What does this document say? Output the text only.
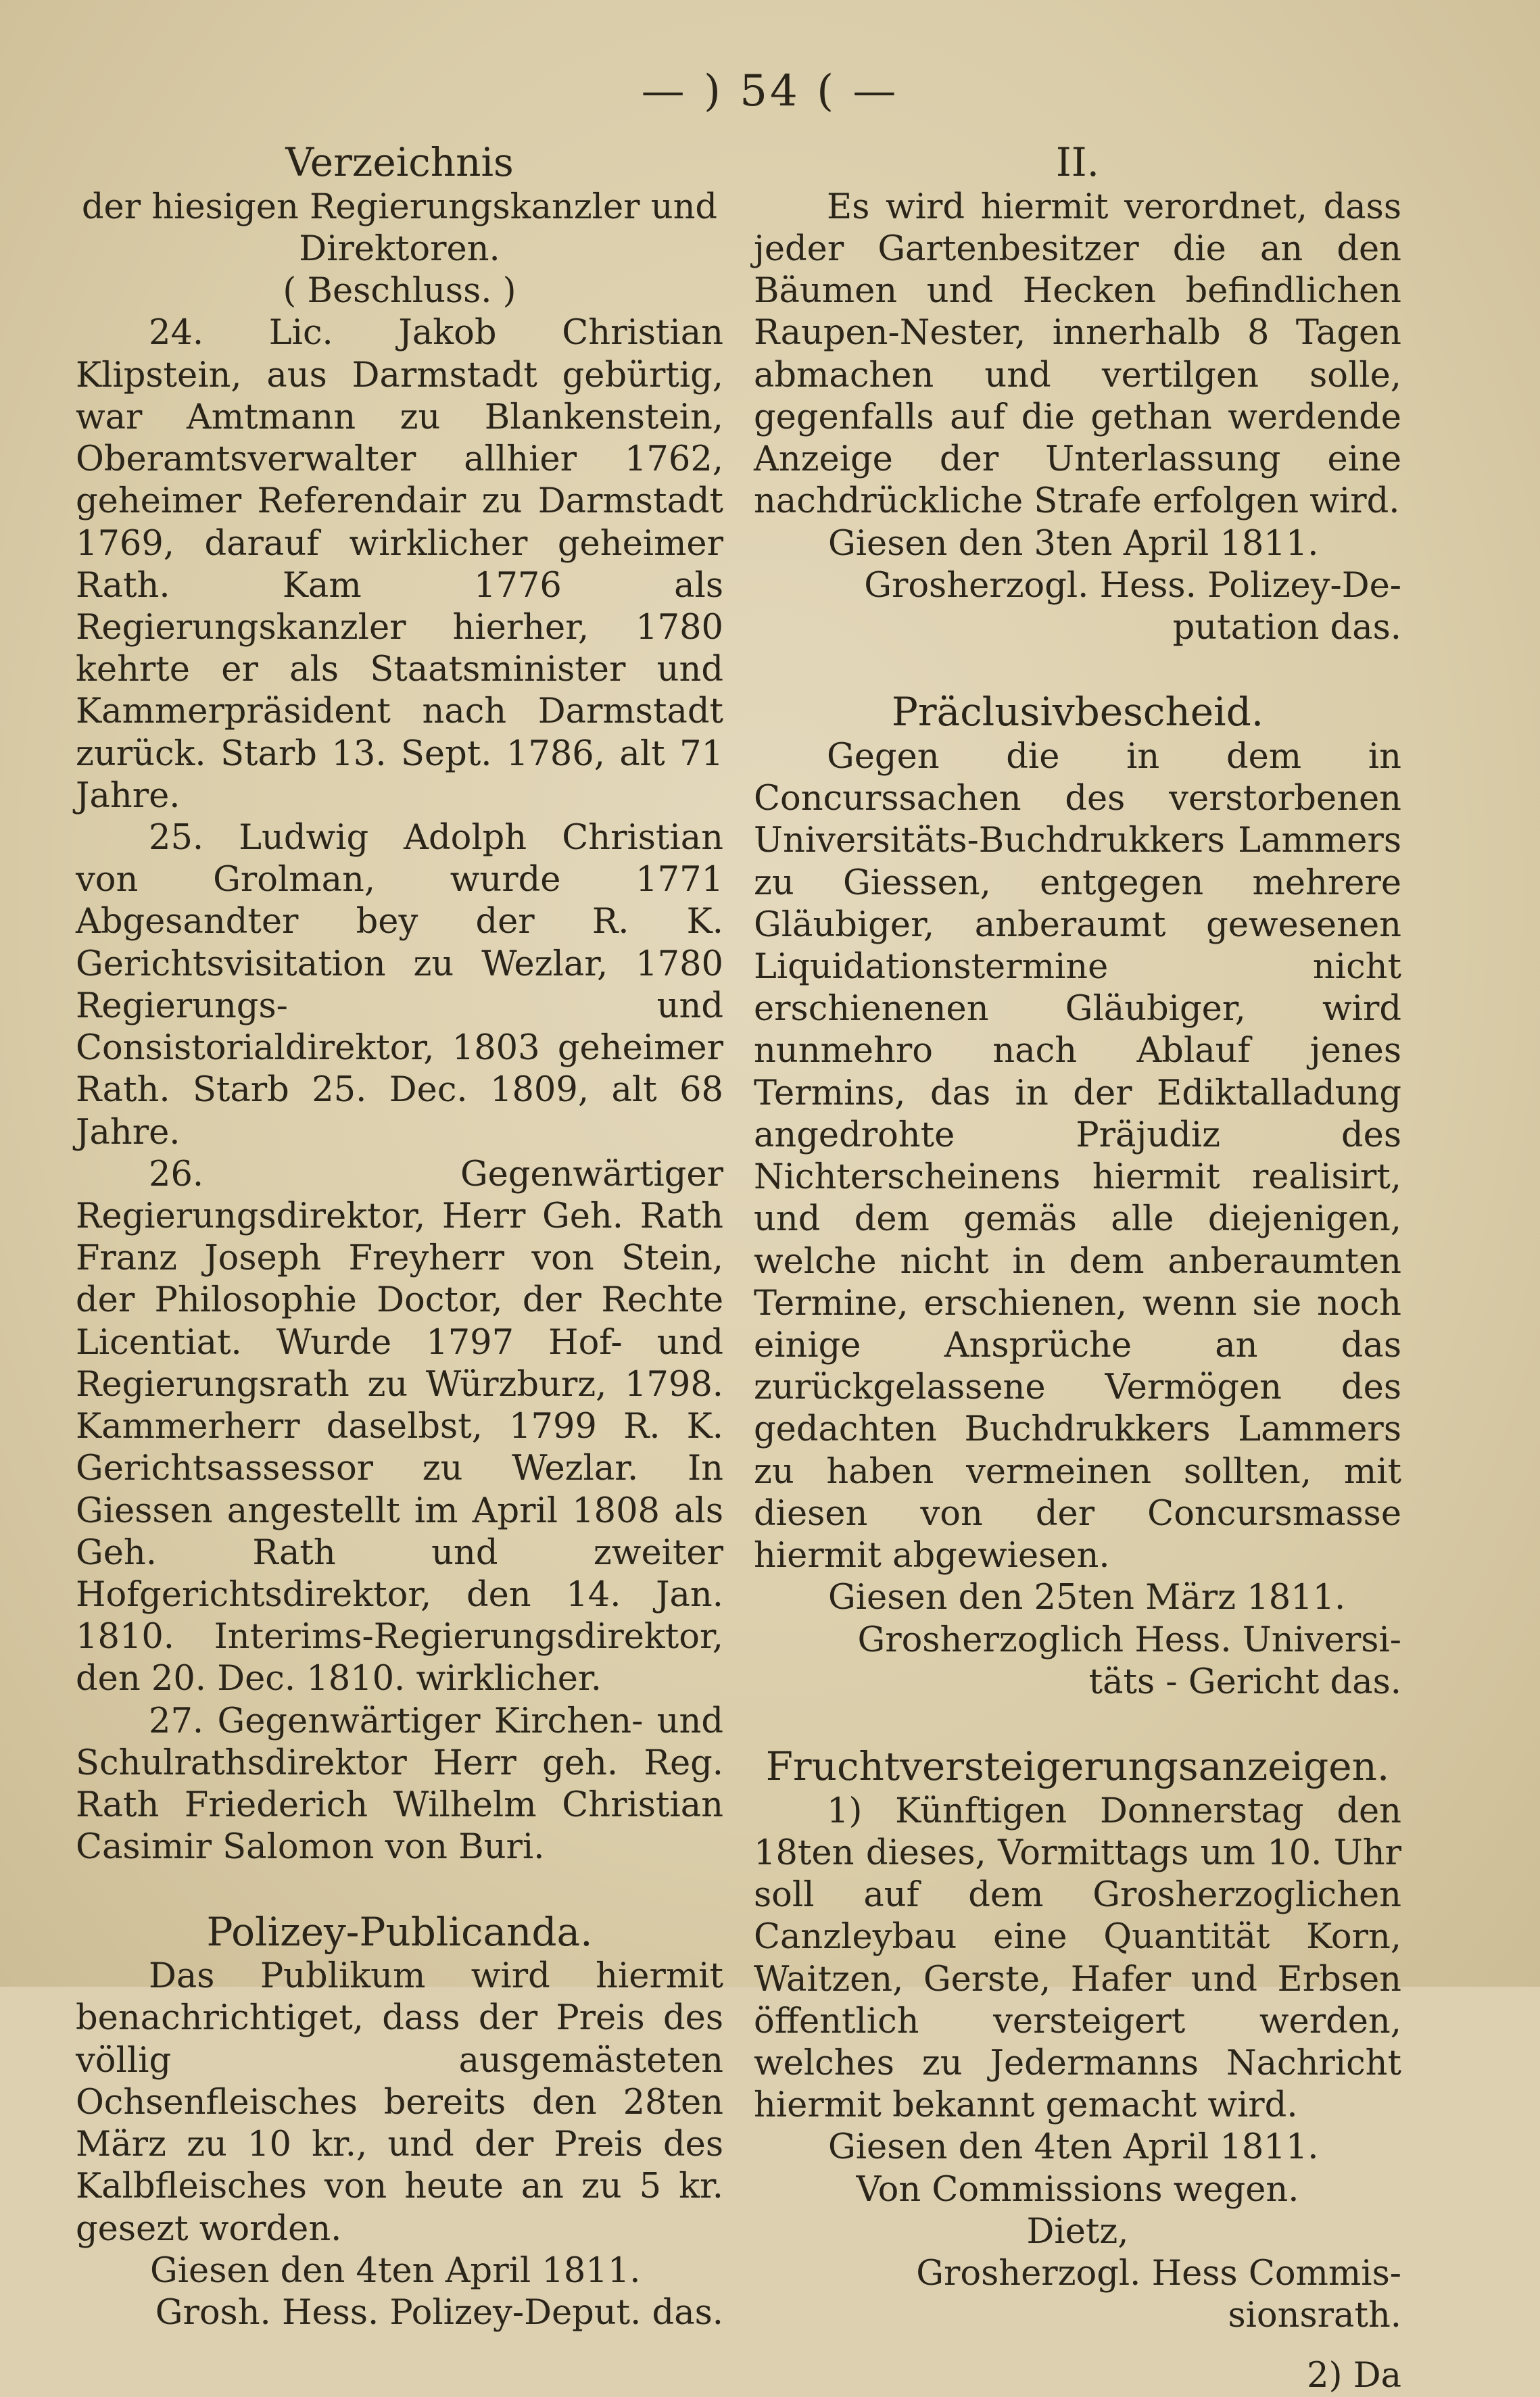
— ) 54 ( —

Verzeichnis

der hiesigen Regierungskanzler und Direktoren.

( Beschluss. )

24. Lic. Jakob Christian Klipstein, aus Darmstadt gebürtig, war Amtmann zu Blankenstein, Oberamtsverwalter allhier 1762, geheimer Referendair zu Darmstadt 1769, darauf wirklicher geheimer Rath. Kam 1776 als Regierungskanzler hierher, 1780 kehrte er als Staatsminister und Kammerpräsident nach Darmstadt zurück. Starb 13. Sept. 1786, alt 71 Jahre.

25. Ludwig Adolph Christian von Grolman, wurde 1771 Abgesandter bey der R. K. Gerichtsvisitation zu Wezlar, 1780 Regierungs- und Consistorialdirektor, 1803 geheimer Rath. Starb 25. Dec. 1809, alt 68 Jahre.

26. Gegenwärtiger Regierungsdirektor, Herr Geh. Rath Franz Joseph Freyherr von Stein, der Philosophie Doctor, der Rechte Licentiat. Wurde 1797 Hof- und Regierungsrath zu Würzburz, 1798. Kammerherr daselbst, 1799 R. K. Gerichtsassessor zu Wezlar. In Giessen angestellt im April 1808 als Geh. Rath und zweiter Hofgerichtsdirektor, den 14. Jan. 1810. Interims-Regierungsdirektor, den 20. Dec. 1810. wirklicher.

27. Gegenwärtiger Kirchen- und Schulrathsdirektor Herr geh. Reg. Rath Friederich Wilhelm Christian Casimir Salomon von Buri.

Polizey-Publicanda.

Das Publikum wird hiermit benachrichtiget, dass der Preis des völlig ausgemästeten Ochsenfleisches bereits den 28ten März zu 10 kr., und der Preis des Kalbfleisches von heute an zu 5 kr. gesezt worden.

Giesen den 4ten April 1811.

Grosh. Hess. Polizey-Deput. das.

II.

Es wird hiermit verordnet, dass jeder Gartenbesitzer die an den Bäumen und Hecken befindlichen Raupen-Nester, innerhalb 8 Tagen abmachen und vertilgen solle, gegenfalls auf die gethan werdende Anzeige der Unterlassung eine nachdrückliche Strafe erfolgen wird.

Giesen den 3ten April 1811.

Grosherzogl. Hess. Polizey-De-

putation das.

Präclusivbescheid.

Gegen die in dem in Concurssachen des verstorbenen Universitäts-Buchdrukkers Lammers zu Giessen, entgegen mehrere Gläubiger, anberaumt gewesenen Liquidationstermine nicht erschienenen Gläubiger, wird nunmehro nach Ablauf jenes Termins, das in der Ediktalladung angedrohte Präjudiz des Nichterscheinens hiermit realisirt, und dem gemäs alle diejenigen, welche nicht in dem anberaumten Termine, erschienen, wenn sie noch einige Ansprüche an das zurückgelassene Vermögen des gedachten Buchdrukkers Lammers zu haben vermeinen sollten, mit diesen von der Concursmasse hiermit abgewiesen.

Giesen den 25ten März 1811.

Grosherzoglich Hess. Universi-

täts - Gericht das.

Fruchtversteigerungsanzeigen.

1) Künftigen Donnerstag den 18ten dieses, Vormittags um 10. Uhr soll auf dem Grosherzoglichen Canzleybau eine Quantität Korn, Waitzen, Gerste, Hafer und Erbsen öffentlich versteigert werden, welches zu Jedermanns Nachricht hiermit bekannt gemacht wird.

Giesen den 4ten April 1811.

Von Commissions wegen.

Dietz,

Grosherzogl. Hess Commis-

sionsrath.

2) Da
